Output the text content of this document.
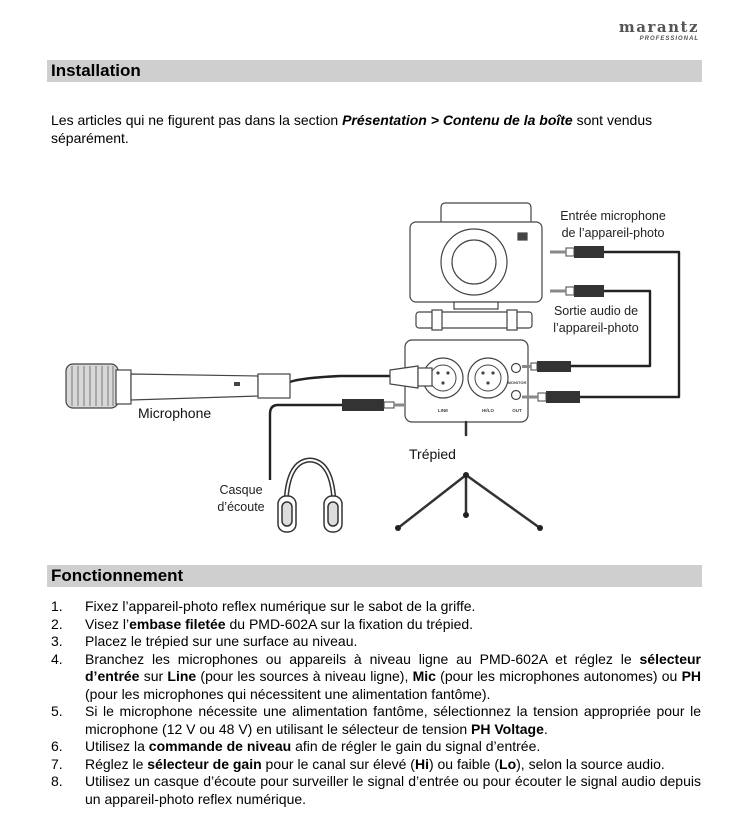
marantz
PROFESSIONAL
Installation
Les articles qui ne figurent pas dans la section Présentation > Contenu de la boîte sont vendus séparément.
LINE	HI/LO
MONITOR
OUT
Entrée microphone
de l’appareil-photo
Sortie audio de
l’appareil-photo
Microphone
Trépied
Casque
d’écoute
Fonctionnement
1. Fixez l’appareil-photo reflex numérique sur le sabot de la griffe.
2. Visez l’embase filetée du PMD-602A sur la fixation du trépied.
3. Placez le trépied sur une surface au niveau.
4. Branchez les microphones ou appareils à niveau ligne au PMD-602A et réglez le sélecteur d’entrée sur Line (pour les sources à niveau ligne), Mic (pour les microphones autonomes) ou PH (pour les microphones qui nécessitent une alimentation fantôme).
5. Si le microphone nécessite une alimentation fantôme, sélectionnez la tension appropriée pour le microphone (12 V ou 48 V) en utilisant le sélecteur de tension PH Voltage.
6. Utilisez la commande de niveau afin de régler le gain du signal d’entrée.
7. Réglez le sélecteur de gain pour le canal sur élevé (Hi) ou faible (Lo), selon la source audio.
8. Utilisez un casque d’écoute pour surveiller le signal d’entrée ou pour écouter le signal audio depuis un appareil-photo reflex numérique.
